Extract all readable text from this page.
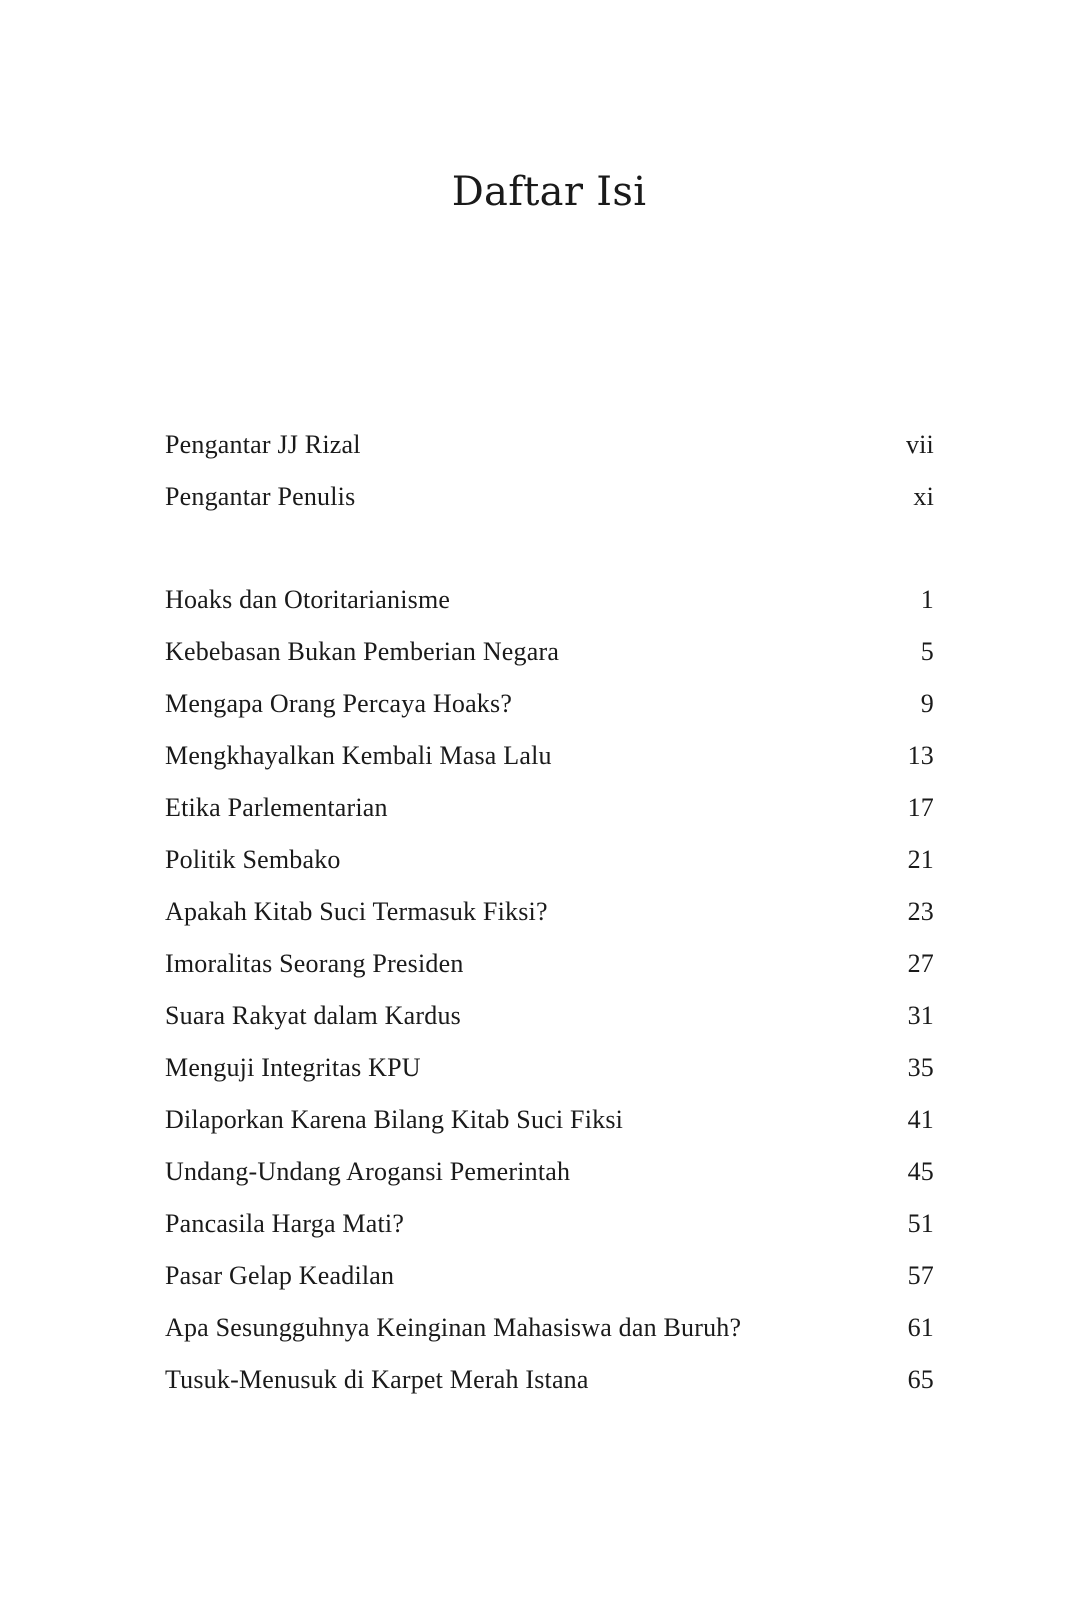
Daftar Isi
Pengantar JJ Rizal	vii
Pengantar Penulis	xi
Hoaks dan Otoritarianisme	1
Kebebasan Bukan Pemberian Negara	5
Mengapa Orang Percaya Hoaks?	9
Mengkhayalkan Kembali Masa Lalu	13
Etika Parlementarian	17
Politik Sembako	21
Apakah Kitab Suci Termasuk Fiksi?	23
Imoralitas Seorang Presiden	27
Suara Rakyat dalam Kardus	31
Menguji Integritas KPU	35
Dilaporkan Karena Bilang Kitab Suci Fiksi	41
Undang-Undang Arogansi Pemerintah	45
Pancasila Harga Mati?	51
Pasar Gelap Keadilan	57
Apa Sesungguhnya Keinginan Mahasiswa dan Buruh?	61
Tusuk-Menusuk di Karpet Merah Istana	65
